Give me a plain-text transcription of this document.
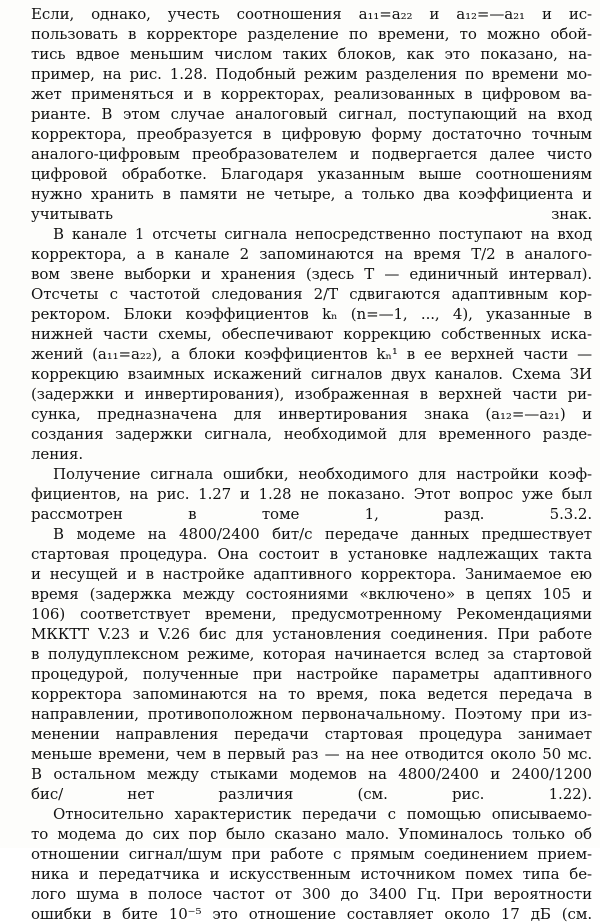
Если, однако, учесть соотношения a₁₁=a₂₂ и a₁₂=—a₂₁ и ис-
пользовать в корректоре разделение по времени, то можно обой-
тись вдвое меньшим числом таких блоков, как это показано, на-
пример, на рис. 1.28. Подобный режим разделения по времени мо-
жет применяться и в корректорах, реализованных в цифровом ва-
рианте. В этом случае аналоговый сигнал, поступающий на вход
корректора, преобразуется в цифровую форму достаточно точным
аналого-цифровым преобразователем и подвергается далее чисто
цифровой обработке. Благодаря указанным выше соотношениям
нужно хранить в памяти не четыре, а только два коэффициента и
учитывать знак.
В канале 1 отсчеты сигнала непосредственно поступают на вход
корректора, а в канале 2 запоминаются на время T/2 в аналого-
вом звене выборки и хранения (здесь T — единичный интервал).
Отсчеты с частотой следования 2/T сдвигаются адаптивным кор-
ректором. Блоки коэффициентов kₙ (n=—1, ..., 4), указанные в
нижней части схемы, обеспечивают коррекцию собственных иска-
жений (a₁₁=a₂₂), а блоки коэффициентов kₙ¹ в ее верхней части —
коррекцию взаимных искажений сигналов двух каналов. Схема ЗИ
(задержки и инвертирования), изображенная в верхней части ри-
сунка, предназначена для инвертирования знака (a₁₂=—a₂₁) и
создания задержки сигнала, необходимой для временного разде-
ления.
Получение сигнала ошибки, необходимого для настройки коэф-
фициентов, на рис. 1.27 и 1.28 не показано. Этот вопрос уже был
рассмотрен в томе 1, разд. 5.3.2.
В модеме на 4800/2400 бит/с передаче данных предшествует
стартовая процедура. Она состоит в установке надлежащих такта
и несущей и в настройке адаптивного корректора. Занимаемое ею
время (задержка между состояниями «включено» в цепях 105 и
106) соответствует времени, предусмотренному Рекомендациями
МККТТ V.23 и V.26 бис для установления соединения. При работе
в полудуплексном режиме, которая начинается вслед за стартовой
процедурой, полученные при настройке параметры адаптивного
корректора запоминаются на то время, пока ведется передача в
направлении, противоположном первоначальному. Поэтому при из-
менении направления передачи стартовая процедура занимает
меньше времени, чем в первый раз — на нее отводится около 50 мс.
В остальном между стыками модемов на 4800/2400 и 2400/1200
бис/ нет различия (см. рис. 1.22).
Относительно характеристик передачи с помощью описываемо-
то модема до сих пор было сказано мало. Упоминалось только об
отношении сигнал/шум при работе с прямым соединением прием-
ника и передатчика и искусственным источником помех типа бе-
лого шума в полосе частот от 300 до 3400 Гц. При вероятности
ошибки в бите 10⁻⁵ это отношение составляет около 17 дБ (см.
